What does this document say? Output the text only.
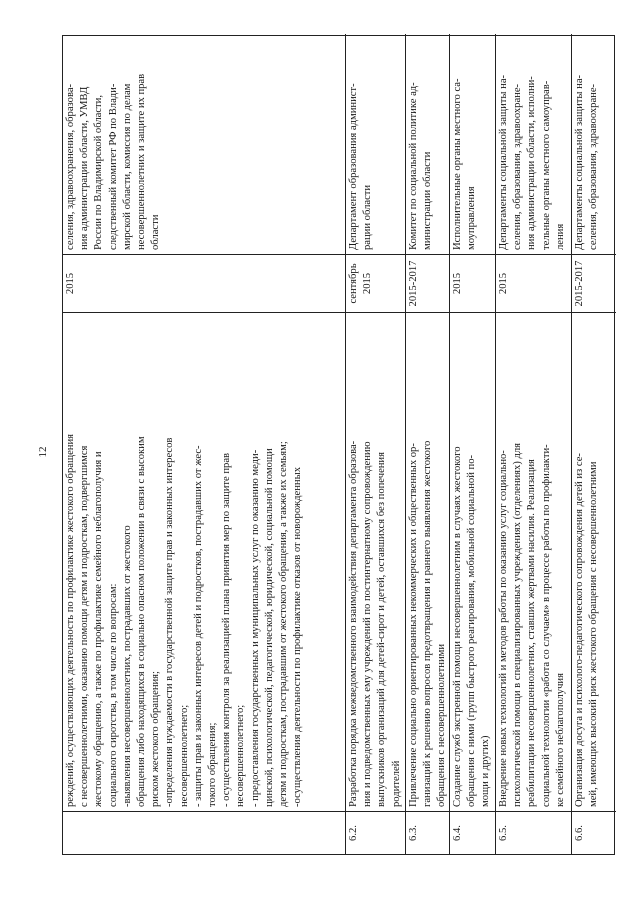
12 реждений, осуществляющих деятельность по профилактике жестокого обращения с несовершеннолетними, оказанию помощи детям и подросткам, подвергшимся жестокому обращению, а также по профилактике семейного неблагополучия и социального сиротства, в том числе по вопросам: -выявления несовершеннолетних, пострадавших от жестокого обращения либо находящихся в социально опасном положении в связи с высоким риском жестокого обращения; -определения нуждаемости в государственной защите прав и законных интересов несовершеннолетнего; - защиты прав и законных интересов детей и подростков, пострадавших от жес- токого обращения; - осуществления контроля за реализацией плана принятия мер по защите прав несовершеннолетнего; - предоставления государственных и муниципальных услуг по оказанию меди- цинской, психологической, педагогической, юридической, социальной помощи детям и подросткам, пострадавшим от жестокого обращения, а также их семьям; -осуществления деятельности по профилактике отказов от новорожденных
2015
селения, здравоохранения, образова- ния администрации области, УМВД России по Владимирской области, следственный комитет РФ по Влади- мирской области, комиссия по делам несовершеннолетних и защите их прав области
6.2.
Разработка порядка межведомственного взаимодействия департамента образова- ния и подведомственных ему учреждений по постинтернатному сопровождению выпускников организаций для детей-сирот и детей, оставшихся без попечения родителей
сентябрь 2015
Департамент образования админист- рации области
6.3.
Привлечение социально ориентированных некоммерческих и общественных ор- ганизаций к решению вопросов предотвращения и раннего выявления жестокого обращения с несовершеннолетними
2015-2017
Комитет по социальной политике ад- министрации области
6.4.
Создание служб экстренной помощи несовершеннолетним в случаях жестокого обращения с ними (групп быстрого реагирования, мобильной социальной по- мощи и других)
2015
Исполнительные органы местного са- моуправления
6.5.
Внедрение новых технологий и методов работы по оказанию услуг социально- психологической помощи в специализированных учреждениях (отделениях) для реабилитации несовершеннолетних, ставших жертвами насилия. Реализация социальной технологии «работа со случаем» в процессе работы по профилакти- ке семейного неблагополучия
2015
Департаменты социальной защиты на- селения, образования, здравоохране- ния администрации области, исполни- тельные органы местного самоуправ- ления
6.6.
Организация досуга и психолого-педагогического сопровождения детей из се- мей, имеющих высокий риск жестокого обращения с несовершеннолетними
2015-2017
Департаменты социальной защиты на- селения, образования, здравоохране-
